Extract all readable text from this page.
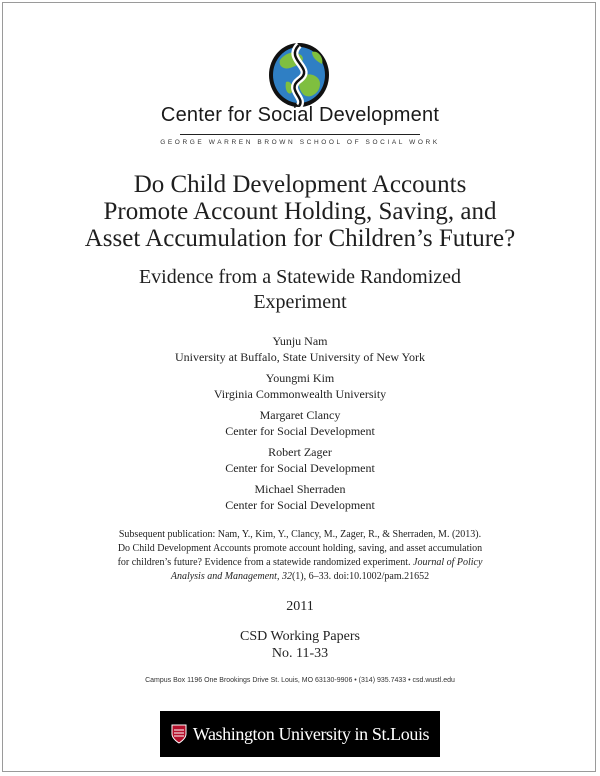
Center for Social Development
GEORGE WARREN BROWN SCHOOL OF SOCIAL WORK
Do Child Development Accounts
Promote Account Holding, Saving, and
Asset Accumulation for Children’s Future?
Evidence from a Statewide Randomized
Experiment
Yunju Nam
University at Buffalo, State University of New York
Youngmi Kim
Virginia Commonwealth University
Margaret Clancy
Center for Social Development
Robert Zager
Center for Social Development
Michael Sherraden
Center for Social Development
Subsequent publication: Nam, Y., Kim, Y., Clancy, M., Zager, R., & Sherraden, M. (2013).
Do Child Development Accounts promote account holding, saving, and asset accumulation
for children’s future? Evidence from a statewide randomized experiment. Journal of Policy
Analysis and Management, 32(1), 6–33. doi:10.1002/pam.21652
2011
CSD Working Papers
No. 11-33
Campus Box 1196 One Brookings Drive St. Louis, MO 63130-9906 • (314) 935.7433 • csd.wustl.edu
Washington University in St.Louis
